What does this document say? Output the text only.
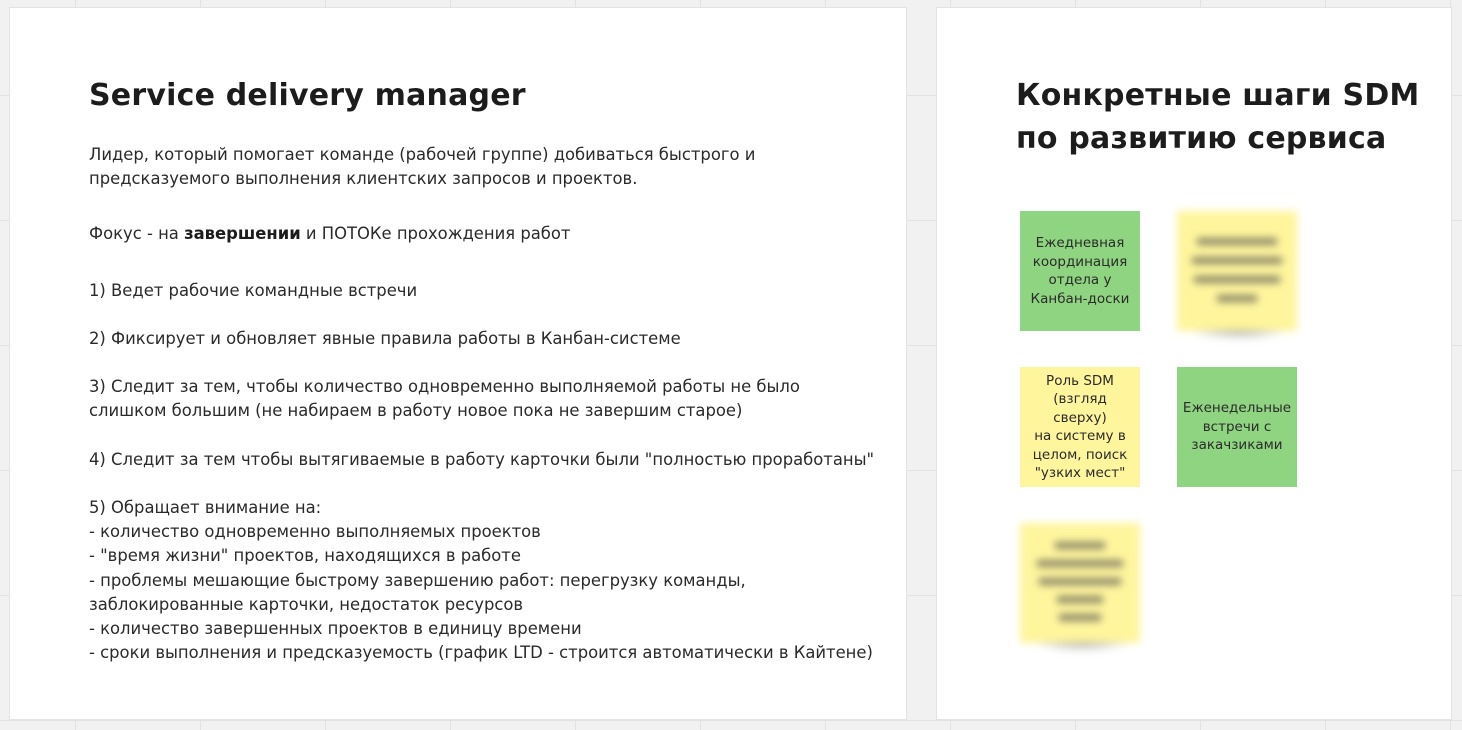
Service delivery manager

Лидер, который помогает команде (рабочей группе) добиваться быстрого и
предсказуемого выполнения клиентских запросов и проектов.

Фокус - на завершении и ПОТОКе прохождения работ

1) Ведет рабочие командные встречи

2) Фиксирует и обновляет явные правила работы в Канбан-системе

3) Следит за тем, чтобы количество одновременно выполняемой работы не было
слишком большим (не набираем в работу новое пока не завершим старое)

4) Следит за тем чтобы вытягиваемые в работу карточки были "полностью проработаны"

5) Обращает внимание на:
- количество одновременно выполняемых проектов
- "время жизни" проектов, находящихся в работе
- проблемы мешающие быстрому завершению работ: перегрузку команды,
заблокированные карточки, недостаток ресурсов
- количество завершенных проектов в единицу времени
- сроки выполнения и предсказуемость (график LTD - строится автоматически в Кайтене)

Конкретные шаги SDM по развитию сервиса
Ежедневная
координация
отдела у
Канбан-доски
Роль SDM
(взгляд сверху)
на систему в
целом, поиск
"узких мест"
Еженедельные
встречи с
закачзиками
